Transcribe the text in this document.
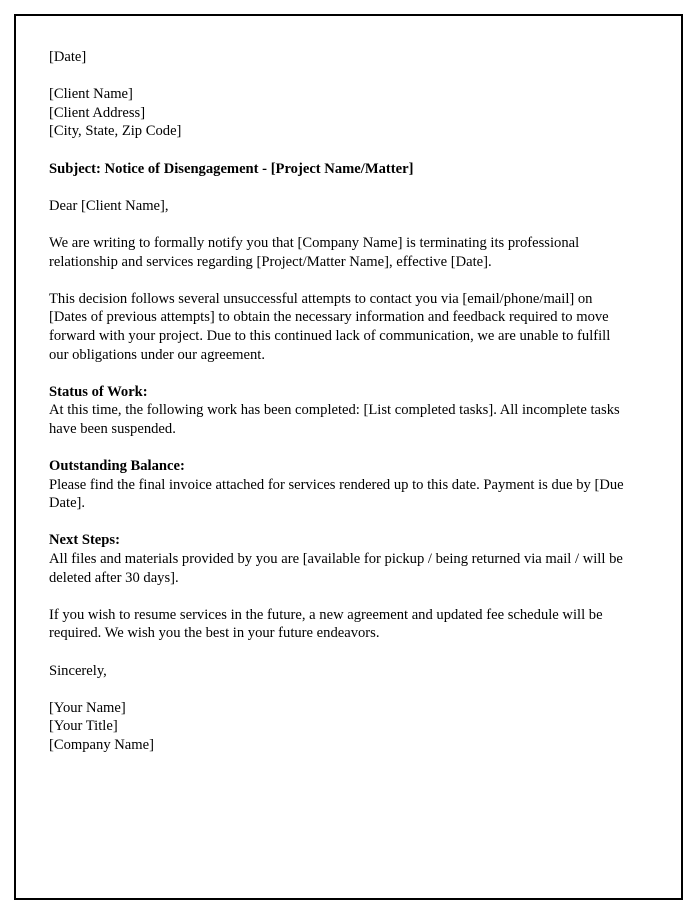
[Date]

[Client Name]
[Client Address]
[City, State, Zip Code]

Subject: Notice of Disengagement - [Project Name/Matter]

Dear [Client Name],

We are writing to formally notify you that [Company Name] is terminating its professional relationship and services regarding [Project/Matter Name], effective [Date].

This decision follows several unsuccessful attempts to contact you via [email/phone/mail] on [Dates of previous attempts] to obtain the necessary information and feedback required to move forward with your project. Due to this continued lack of communication, we are unable to fulfill our obligations under our agreement.

Status of Work:
At this time, the following work has been completed: [List completed tasks]. All incomplete tasks have been suspended.
Outstanding Balance:
Please find the final invoice attached for services rendered up to this date. Payment is due by [Due Date].
Next Steps:
All files and materials provided by you are [available for pickup / being returned via mail / will be deleted after 30 days].

If you wish to resume services in the future, a new agreement and updated fee schedule will be required. We wish you the best in your future endeavors.

Sincerely,

[Your Name]
[Your Title]
[Company Name]
